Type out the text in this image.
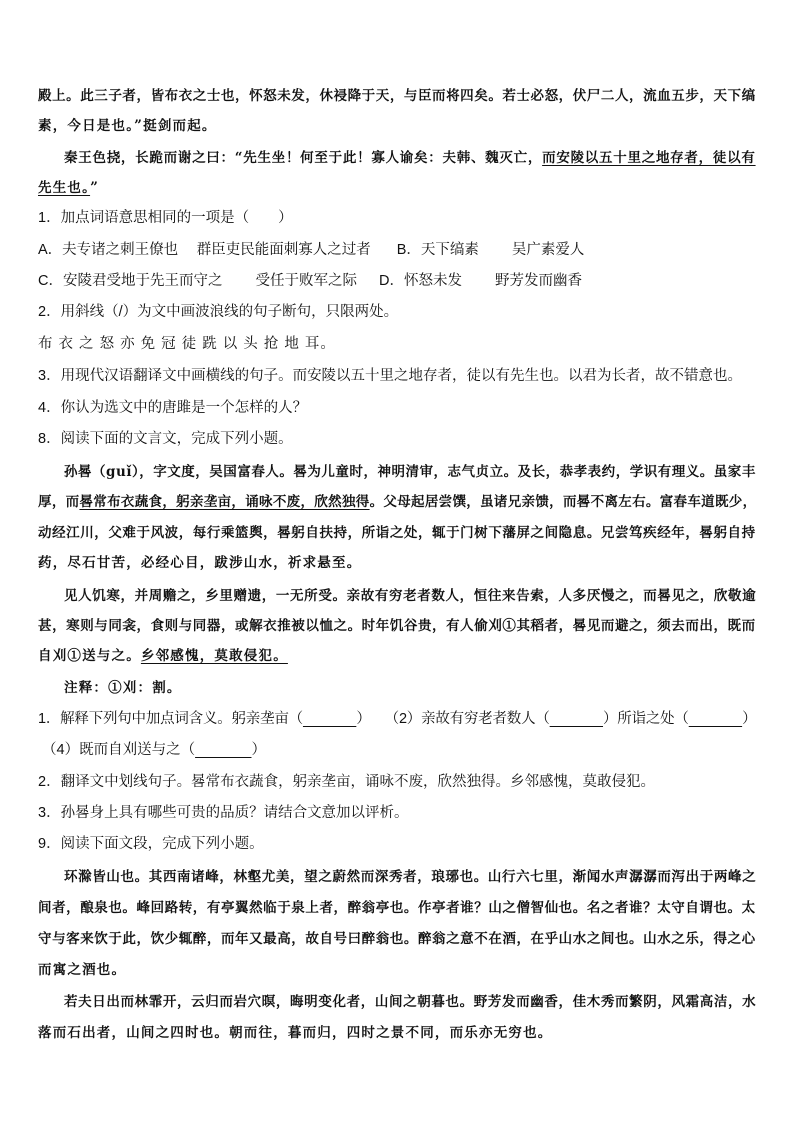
殿上。此三子者，皆布衣之士也，怀怒未发，休祲降于天，与臣而将四矣。若士必怒，伏尸二人，流血五步，天下缟

素，今日是也。”挺剑而起。

秦王色挠，长跪而谢之曰：“先生坐！何至于此！寡人谕矣：夫韩、魏灭亡，而安陵以五十里之地存者，徒以有

先生也。”

1．加点词语意思相同的一项是（　　）

A．夫专诸之刺王僚也　 群臣吏民能面刺寡人之过者 B．天下缟素　　 吴广素爱人

C．安陵君受地于先王而守之　　 受任于败军之际 D．怀怒未发　　 野芳发而幽香

2．用斜线（/）为文中画波浪线的句子断句，只限两处。

布 衣 之 怒 亦 免 冠 徒 跣 以 头 抢 地 耳。

3．用现代汉语翻译文中画横线的句子。而安陵以五十里之地存者，徒以有先生也。以君为长者，故不错意也。

4．你认为选文中的唐雎是一个怎样的人？

8．阅读下面的文言文，完成下列小题。

孙晷（guǐ），字文度，吴国富春人。晷为儿童时，神明清审，志气贞立。及长，恭孝表约，学识有理义。虽家丰

厚，而晷常布衣蔬食，躬亲垄亩，诵咏不废，欣然独得。父母起居尝馔，虽诸兄亲馈，而晷不离左右。富春车道既少，

动经江川，父难于风波，每行乘篮舆，晷躬自扶持，所诣之处，辄于门树下藩屏之间隐息。兄尝笃疾经年，晷躬自持

药，尽石甘苦，必经心目，跋涉山水，祈求悬至。

见人饥寒，并周赡之，乡里赠遗，一无所受。亲故有穷老者数人，恒往来告索，人多厌慢之，而晷见之，欣敬逾

甚，寒则与同衾，食则与同器，或解衣推被以恤之。时年饥谷贵，有人偷刈①其稻者，晷见而避之，须去而出，既而

自刈①送与之。乡邻感愧，莫敢侵犯。

注释：①刈：割。

1．解释下列句中加点词含义。躬亲垄亩（	）　　（2）亲故有穷老者数人（	）所诣之处（	）

（4）既而自刈送与之（	）

2．翻译文中划线句子。晷常布衣蔬食，躬亲垄亩，诵咏不废，欣然独得。乡邻感愧，莫敢侵犯。

3．孙晷身上具有哪些可贵的品质？请结合文意加以评析。

9．阅读下面文段，完成下列小题。

环滁皆山也。其西南诸峰，林壑尤美，望之蔚然而深秀者，琅琊也。山行六七里，渐闻水声潺潺而泻出于两峰之

间者，酿泉也。峰回路转，有亭翼然临于泉上者，醉翁亭也。作亭者谁？山之僧智仙也。名之者谁？太守自谓也。太

守与客来饮于此，饮少辄醉，而年又最高，故自号曰醉翁也。醉翁之意不在酒，在乎山水之间也。山水之乐，得之心

而寓之酒也。

若夫日出而林霏开，云归而岩穴暝，晦明变化者，山间之朝暮也。野芳发而幽香，佳木秀而繁阴，风霜高洁，水

落而石出者，山间之四时也。朝而往，暮而归，四时之景不同，而乐亦无穷也。
